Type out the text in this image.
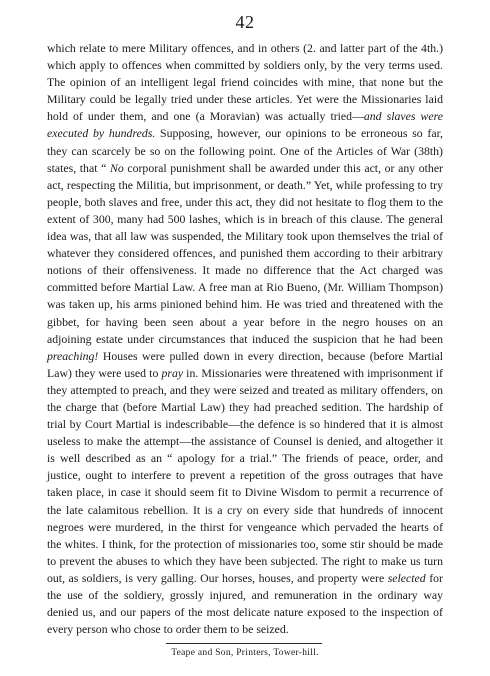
42

which relate to mere Military offences, and in others (2. and latter part of the 4th.) which apply to offences when committed by soldiers only, by the very terms used. The opinion of an intelligent legal friend coincides with mine, that none but the Military could be legally tried under these articles. Yet were the Missionaries laid hold of under them, and one (a Moravian) was actually tried—and slaves were executed by hundreds. Supposing, however, our opinions to be erroneous so far, they can scarcely be so on the following point. One of the Articles of War (38th) states, that “ No corporal punishment shall be awarded under this act, or any other act, respecting the Militia, but imprisonment, or death.” Yet, while professing to try people, both slaves and free, under this act, they did not hesitate to flog them to the extent of 300, many had 500 lashes, which is in breach of this clause. The general idea was, that all law was suspended, the Military took upon themselves the trial of whatever they considered offences, and punished them according to their arbitrary notions of their offensiveness. It made no difference that the Act charged was committed before Martial Law. A free man at Rio Bueno, (Mr. William Thompson) was taken up, his arms pinioned behind him. He was tried and threatened with the gibbet, for having been seen about a year before in the negro houses on an adjoining estate under circumstances that induced the suspicion that he had been preaching! Houses were pulled down in every direction, because (before Martial Law) they were used to pray in. Missionaries were threatened with imprisonment if they attempted to preach, and they were seized and treated as military offenders, on the charge that (before Martial Law) they had preached sedition. The hardship of trial by Court Martial is indescribable—the defence is so hindered that it is almost useless to make the attempt—the assistance of Counsel is denied, and altogether it is well described as an “ apology for a trial.” The friends of peace, order, and justice, ought to interfere to prevent a repetition of the gross outrages that have taken place, in case it should seem fit to Divine Wisdom to permit a recurrence of the late calamitous rebellion. It is a cry on every side that hundreds of innocent negroes were murdered, in the thirst for vengeance which pervaded the hearts of the whites. I think, for the protection of missionaries too, some stir should be made to prevent the abuses to which they have been subjected. The right to make us turn out, as soldiers, is very galling. Our horses, houses, and property were selected for the use of the soldiery, grossly injured, and remuneration in the ordinary way denied us, and our papers of the most delicate nature exposed to the inspection of every person who chose to order them to be seized.

Teape and Son, Printers, Tower-hill.
